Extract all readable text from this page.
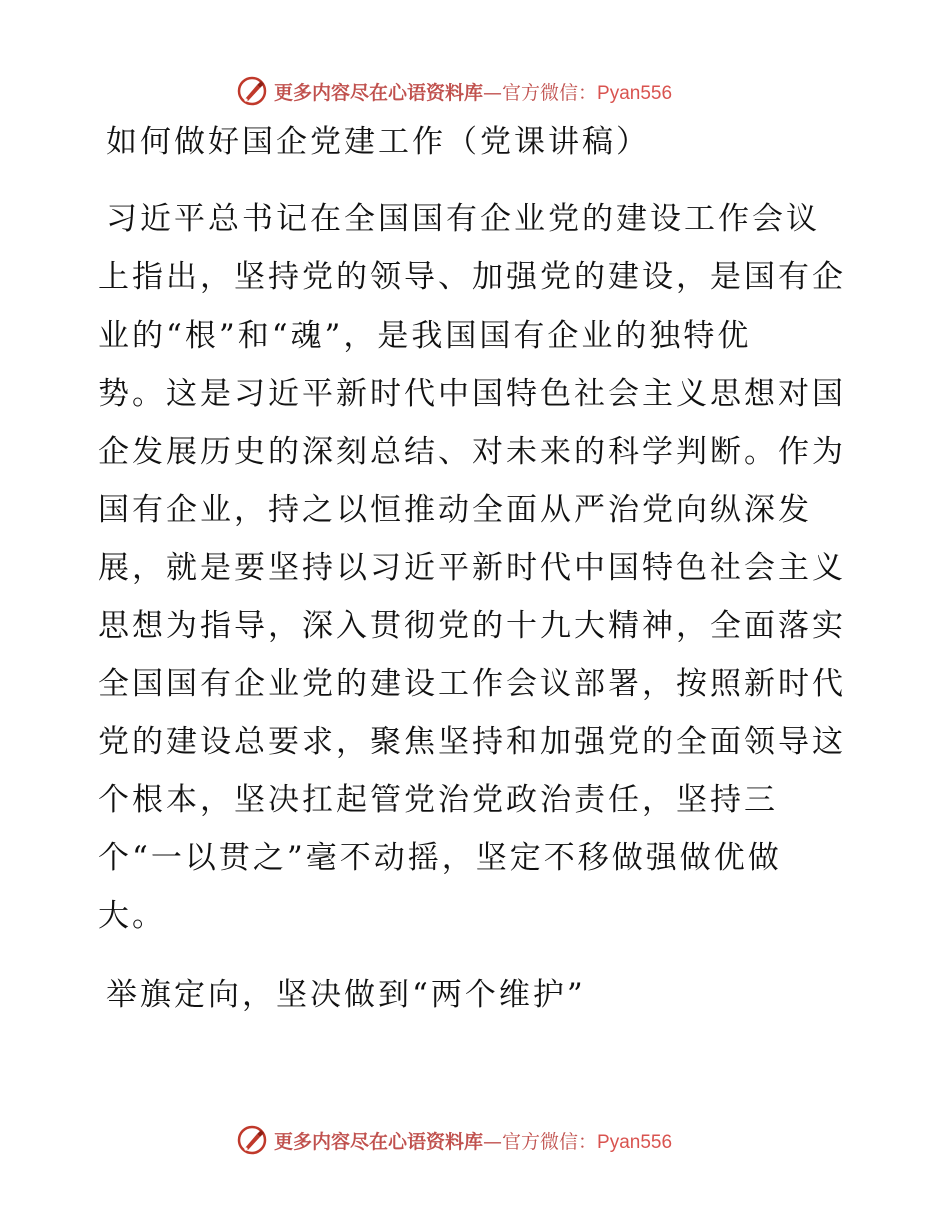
更多内容尽在心语资料库—官方微信：Pyan556
如何做好国企党建工作（党课讲稿）
习近平总书记在全国国有企业党的建设工作会议
上指出，坚持党的领导、加强党的建设，是国有企
业的“根”和“魂”，是我国国有企业的独特优
势。这是习近平新时代中国特色社会主义思想对国
企发展历史的深刻总结、对未来的科学判断。作为
国有企业，持之以恒推动全面从严治党向纵深发
展，就是要坚持以习近平新时代中国特色社会主义
思想为指导，深入贯彻党的十九大精神，全面落实
全国国有企业党的建设工作会议部署，按照新时代
党的建设总要求，聚焦坚持和加强党的全面领导这
个根本，坚决扛起管党治党政治责任，坚持三
个“一以贯之”毫不动摇，坚定不移做强做优做
大。
举旗定向，坚决做到“两个维护”
更多内容尽在心语资料库—官方微信：Pyan556
